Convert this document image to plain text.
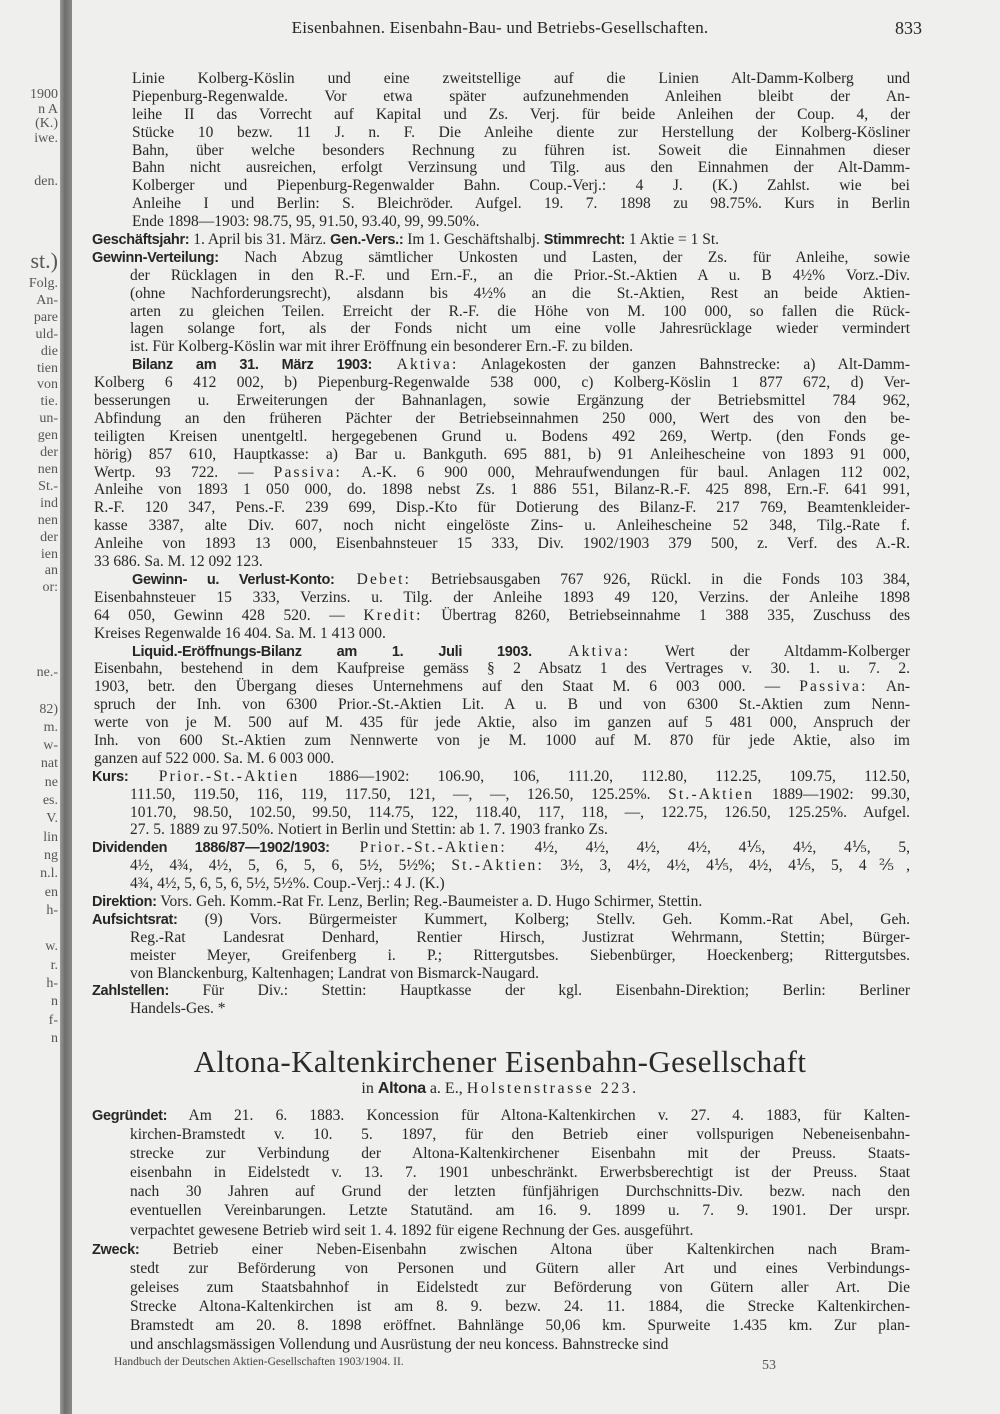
1900
n A
(K.)
iwe.

den.
st.)
Folg.
An-
pare
uld-
die
tien
von
tie.
un-
gen
der
nen
St.-
ind
nen
der
ien
an
or:
ne.-

82)
m.
w-
nat
ne
es.
V.
lin
ng
n.l.
en
h-

w.
r.
h-
n
f-
n
Eisenbahnen. Eisenbahn-Bau- und Betriebs-Gesellschaften.	833
Linie Kolberg-Köslin und eine zweitstellige auf die Linien Alt-Damm-Kolberg und
Piepenburg-Regenwalde. Vor etwa später aufzunehmenden Anleihen bleibt der An-
leihe II das Vorrecht auf Kapital und Zs. Verj. für beide Anleihen der Coup. 4, der
Stücke 10 bezw. 11 J. n. F. Die Anleihe diente zur Herstellung der Kolberg-Kösliner
Bahn, über welche besonders Rechnung zu führen ist. Soweit die Einnahmen dieser
Bahn nicht ausreichen, erfolgt Verzinsung und Tilg. aus den Einnahmen der Alt-Damm-
Kolberger und Piepenburg-Regenwalder Bahn. Coup.-Verj.: 4 J. (K.) Zahlst. wie bei
Anleihe I und Berlin: S. Bleichröder. Aufgel. 19. 7. 1898 zu 98.75%. Kurs in Berlin
Ende 1898—1903: 98.75, 95, 91.50, 93.40, 99, 99.50%.
Geschäftsjahr: 1. April bis 31. März. Gen.-Vers.: Im 1. Geschäftshalbj. Stimmrecht: 1 Aktie = 1 St.
Gewinn-Verteilung: Nach Abzug sämtlicher Unkosten und Lasten, der Zs. für Anleihe, sowie
der Rücklagen in den R.-F. und Ern.-F., an die Prior.-St.-Aktien A u. B 4½% Vorz.-Div.
(ohne Nachforderungsrecht), alsdann bis 4½% an die St.-Aktien, Rest an beide Aktien-
arten zu gleichen Teilen. Erreicht der R.-F. die Höhe von M. 100 000, so fallen die Rück-
lagen solange fort, als der Fonds nicht um eine volle Jahresrücklage wieder vermindert
ist. Für Kolberg-Köslin war mit ihrer Eröffnung ein besonderer Ern.-F. zu bilden.
Bilanz am 31. März 1903: Aktiva: Anlagekosten der ganzen Bahnstrecke: a) Alt-Damm-
Kolberg 6 412 002, b) Piepenburg-Regenwalde 538 000, c) Kolberg-Köslin 1 877 672, d) Ver-
besserungen u. Erweiterungen der Bahnanlagen, sowie Ergänzung der Betriebsmittel 784 962,
Abfindung an den früheren Pächter der Betriebseinnahmen 250 000, Wert des von den be-
teiligten Kreisen unentgeltl. hergegebenen Grund u. Bodens 492 269, Wertp. (den Fonds ge-
hörig) 857 610, Hauptkasse: a) Bar u. Bankguth. 695 881, b) 91 Anleihescheine von 1893 91 000,
Wertp. 93 722. — Passiva: A.-K. 6 900 000, Mehraufwendungen für baul. Anlagen 112 002,
Anleihe von 1893 1 050 000, do. 1898 nebst Zs. 1 886 551, Bilanz-R.-F. 425 898, Ern.-F. 641 991,
R.-F. 120 347, Pens.-F. 239 699, Disp.-Kto für Dotierung des Bilanz-F. 217 769, Beamtenkleider-
kasse 3387, alte Div. 607, noch nicht eingelöste Zins- u. Anleihescheine 52 348, Tilg.-Rate f.
Anleihe von 1893 13 000, Eisenbahnsteuer 15 333, Div. 1902/1903 379 500, z. Verf. des A.-R.
33 686. Sa. M. 12 092 123.
Gewinn- u. Verlust-Konto: Debet: Betriebsausgaben 767 926, Rückl. in die Fonds 103 384,
Eisenbahnsteuer 15 333, Verzins. u. Tilg. der Anleihe 1893 49 120, Verzins. der Anleihe 1898
64 050, Gewinn 428 520. — Kredit: Übertrag 8260, Betriebseinnahme 1 388 335, Zuschuss des
Kreises Regenwalde 16 404. Sa. M. 1 413 000.
Liquid.-Eröffnungs-Bilanz am 1. Juli 1903. Aktiva: Wert der Altdamm-Kolberger
Eisenbahn, bestehend in dem Kaufpreise gemäss § 2 Absatz 1 des Vertrages v. 30. 1. u. 7. 2.
1903, betr. den Übergang dieses Unternehmens auf den Staat M. 6 003 000. — Passiva: An-
spruch der Inh. von 6300 Prior.-St.-Aktien Lit. A u. B und von 6300 St.-Aktien zum Nenn-
werte von je M. 500 auf M. 435 für jede Aktie, also im ganzen auf 5 481 000, Anspruch der
Inh. von 600 St.-Aktien zum Nennwerte von je M. 1000 auf M. 870 für jede Aktie, also im
ganzen auf 522 000. Sa. M. 6 003 000.
Kurs: Prior.-St.-Aktien 1886—1902: 106.90, 106, 111.20, 112.80, 112.25, 109.75, 112.50,
111.50, 119.50, 116, 119, 117.50, 121, —, —, 126.50, 125.25%. St.-Aktien 1889—1902: 99.30,
101.70, 98.50, 102.50, 99.50, 114.75, 122, 118.40, 117, 118, —, 122.75, 126.50, 125.25%. Aufgel.
27. 5. 1889 zu 97.50%. Notiert in Berlin und Stettin: ab 1. 7. 1903 franko Zs.
Dividenden 1886/87—1902/1903: Prior.-St.-Aktien: 4½, 4½, 4½, 4½, 4⅕, 4½, 4⅕, 5,
4½, 4¾, 4½, 5, 6, 5, 6, 5½, 5½%; St.-Aktien: 3½, 3, 4½, 4½, 4⅕, 4½, 4⅕, 5, 4⅖,
4¾, 4½, 5, 6, 5, 6, 5½, 5½%. Coup.-Verj.: 4 J. (K.)
Direktion: Vors. Geh. Komm.-Rat Fr. Lenz, Berlin; Reg.-Baumeister a. D. Hugo Schirmer, Stettin.
Aufsichtsrat: (9) Vors. Bürgermeister Kummert, Kolberg; Stellv. Geh. Komm.-Rat Abel, Geh.
Reg.-Rat Landesrat Denhard, Rentier Hirsch, Justizrat Wehrmann, Stettin; Bürger-
meister Meyer, Greifenberg i. P.; Rittergutsbes. Siebenbürger, Hoeckenberg; Rittergutsbes.
von Blanckenburg, Kaltenhagen; Landrat von Bismarck-Naugard.
Zahlstellen: Für Div.: Stettin: Hauptkasse der kgl. Eisenbahn-Direktion; Berlin: Berliner
Handels-Ges. *
Altona-Kaltenkirchener Eisenbahn-Gesellschaft
in Altona a. E., Holstenstrasse 223.
Gegründet: Am 21. 6. 1883. Koncession für Altona-Kaltenkirchen v. 27. 4. 1883, für Kalten-
kirchen-Bramstedt v. 10. 5. 1897, für den Betrieb einer vollspurigen Nebeneisenbahn-
strecke zur Verbindung der Altona-Kaltenkirchener Eisenbahn mit der Preuss. Staats-
eisenbahn in Eidelstedt v. 13. 7. 1901 unbeschränkt. Erwerbsberechtigt ist der Preuss. Staat
nach 30 Jahren auf Grund der letzten fünfjährigen Durchschnitts-Div. bezw. nach den
eventuellen Vereinbarungen. Letzte Statutänd. am 16. 9. 1899 u. 7. 9. 1901. Der urspr.
verpachtet gewesene Betrieb wird seit 1. 4. 1892 für eigene Rechnung der Ges. ausgeführt.
Zweck: Betrieb einer Neben-Eisenbahn zwischen Altona über Kaltenkirchen nach Bram-
stedt zur Beförderung von Personen und Gütern aller Art und eines Verbindungs-
geleises zum Staatsbahnhof in Eidelstedt zur Beförderung von Gütern aller Art. Die
Strecke Altona-Kaltenkirchen ist am 8. 9. bezw. 24. 11. 1884, die Strecke Kaltenkirchen-
Bramstedt am 20. 8. 1898 eröffnet. Bahnlänge 50,06 km. Spurweite 1.435 km. Zur plan-
und anschlagsmässigen Vollendung und Ausrüstung der neu koncess. Bahnstrecke sind
Handbuch der Deutschen Aktien-Gesellschaften 1903/1904. II.	53
